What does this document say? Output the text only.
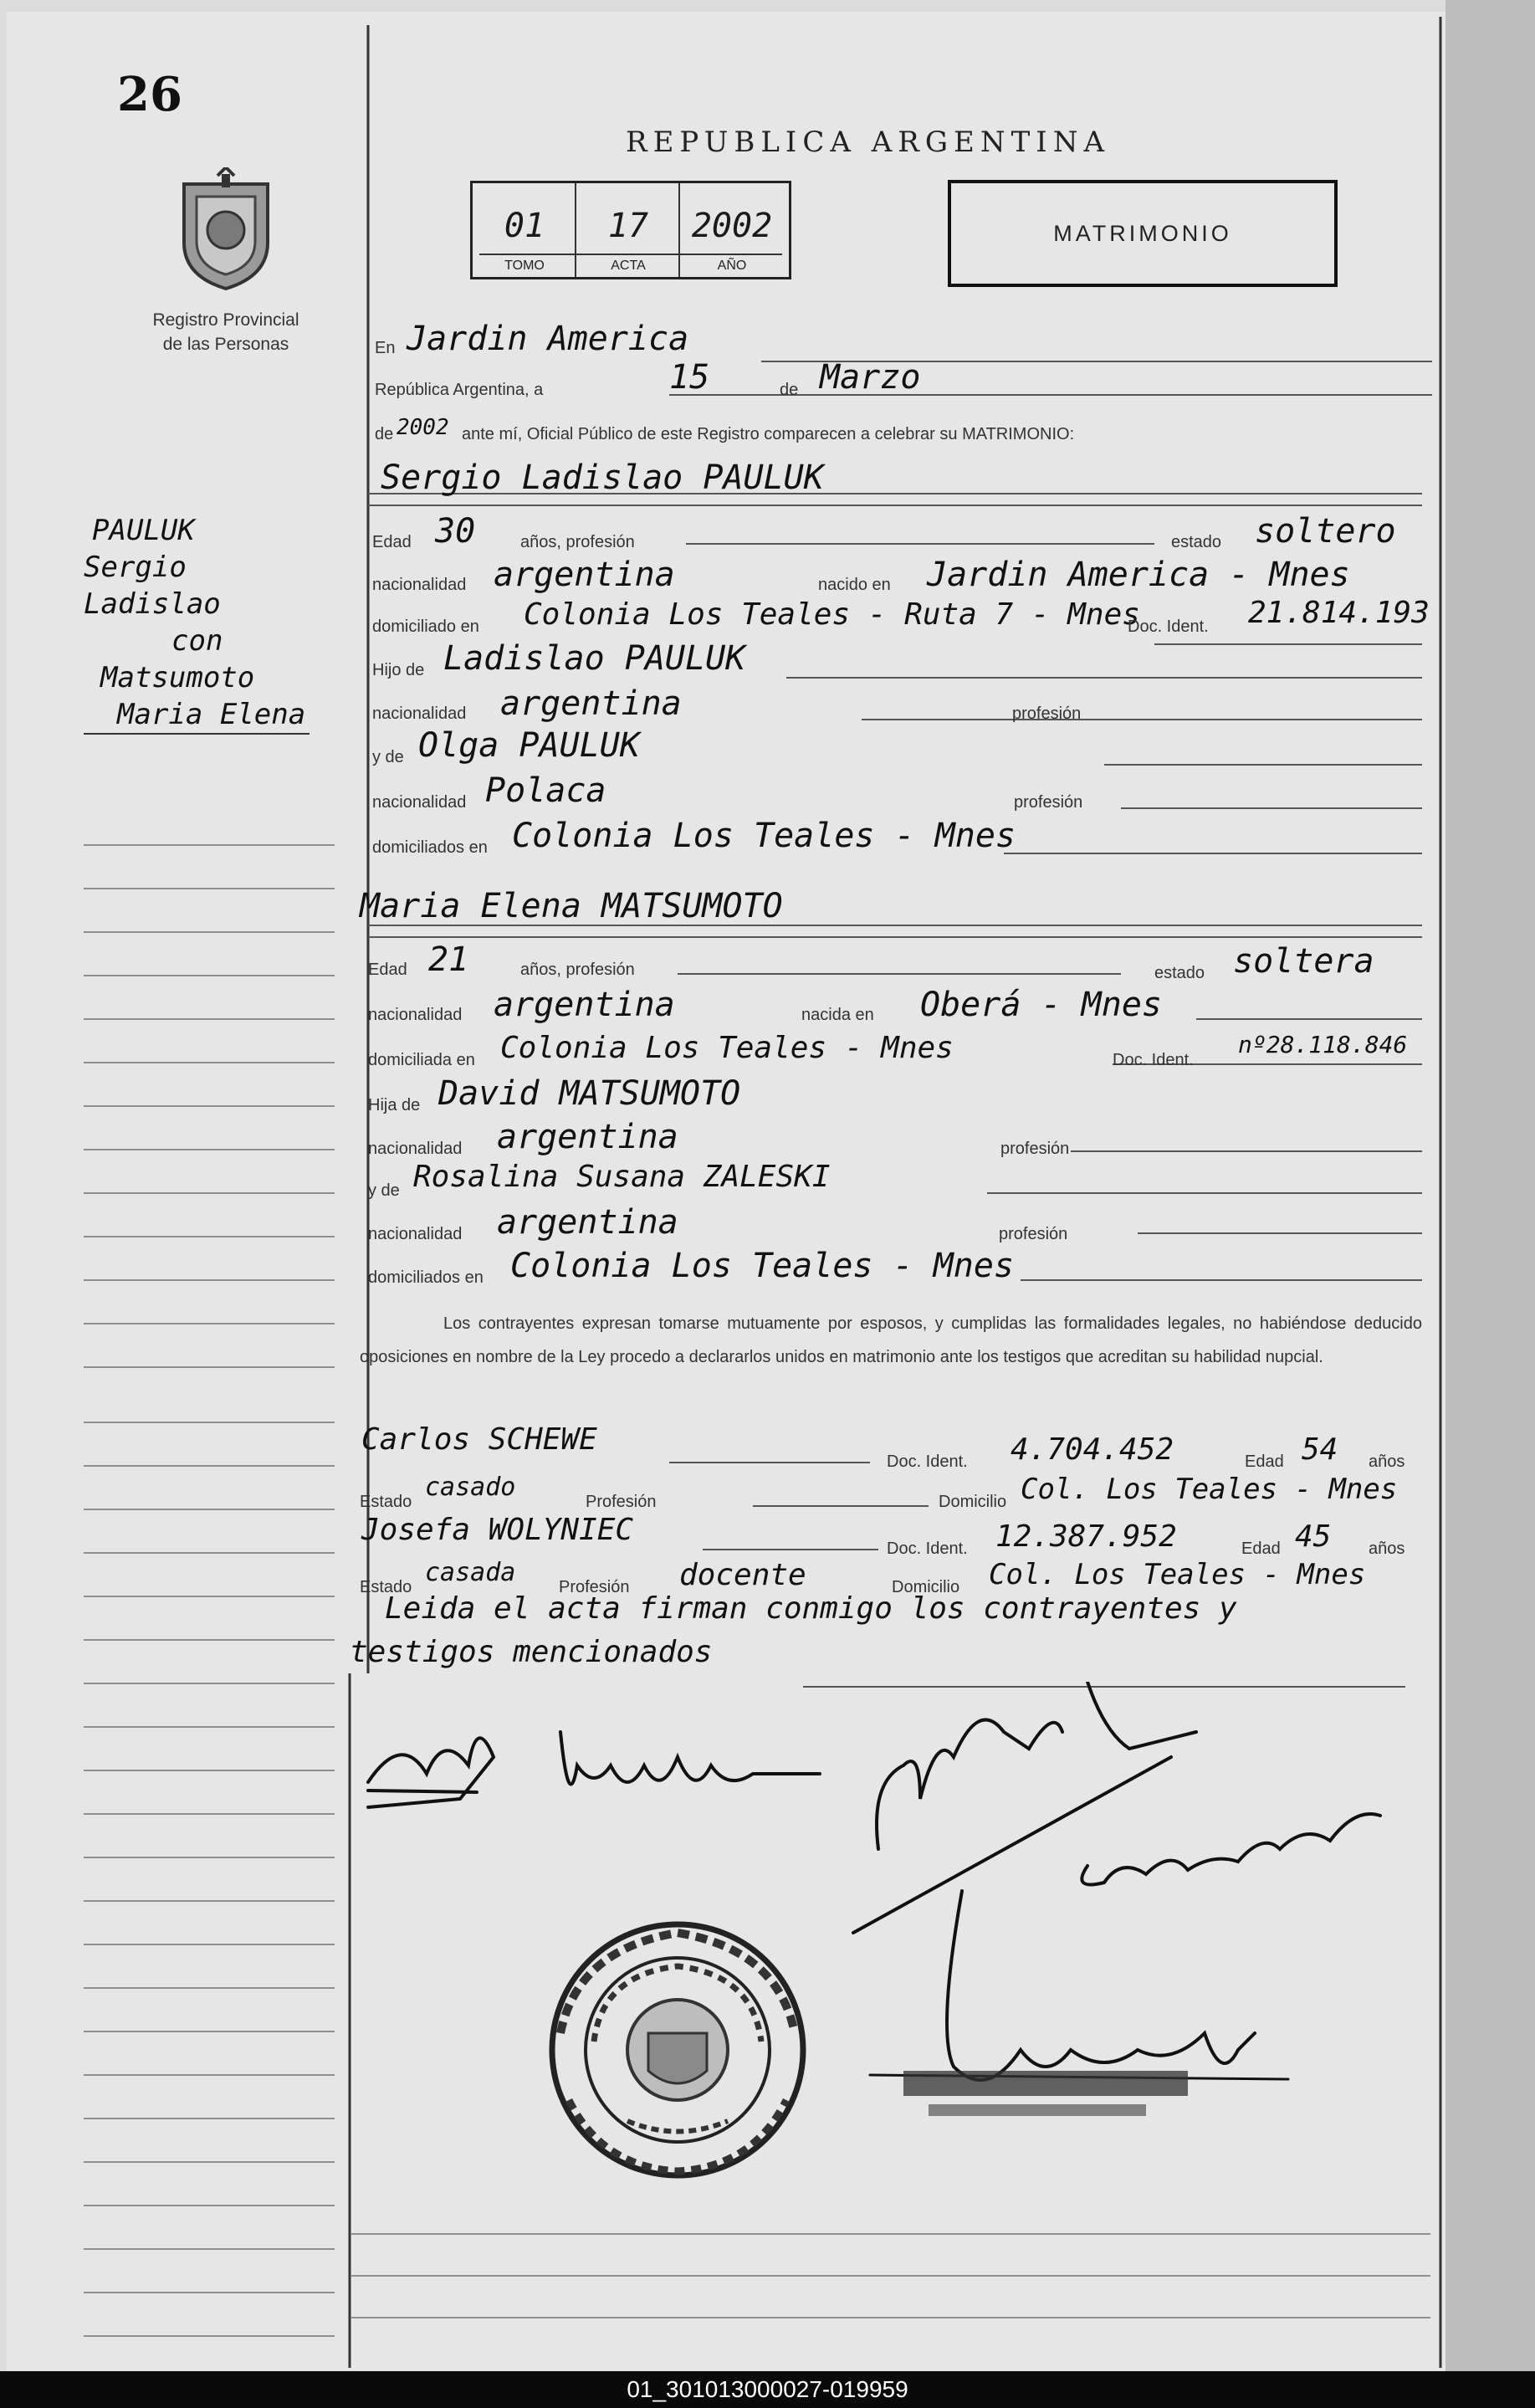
26
Registro Provincial
de las Personas
REPUBLICA ARGENTINA
01	17	2002
TOMO	ACTA	AÑO
MATRIMONIO
PAULUK
Sergio Ladislao
con
Matsumoto
Maria Elena
En Jardin America
República Argentina, a	15	de Marzo
de 2002 ante mí, Oficial Público de este Registro comparecen a celebrar su MATRIMONIO:
Sergio Ladislao PAULUK
Edad 30	años, profesión	estado soltero
nacionalidad argentina	nacido en Jardin America - Mnes
domiciliado en Colonia Los Teales - Ruta 7 - Mnes
Doc. Ident. 21.814.193
Hijo de Ladislao PAULUK
nacionalidad argentina	profesión
y de Olga PAULUK
nacionalidad Polaca	profesión
domiciliados en Colonia Los Teales - Mnes
Maria Elena MATSUMOTO
Edad 21	años, profesión	estado soltera
nacionalidad argentina	nacida en Oberá - Mnes
domiciliada en Colonia Los Teales - Mnes	Doc. Ident.
nº28.118.846
Hija de David MATSUMOTO
nacionalidad argentina	profesión
y de Rosalina Susana ZALESKI
nacionalidad argentina	profesión
domiciliados en Colonia Los Teales - Mnes
Los contrayentes expresan tomarse mutuamente por esposos, y cumplidas las formalidades legales, no habiéndose deducido oposiciones en nombre de la Ley procedo a declararlos unidos en matrimonio ante los testigos que acreditan su habilidad nupcial.
Carlos SCHEWE
Doc. Ident. 4.704.452	Edad 54 años
Estado casado	Profesión	Domicilio Col. Los Teales - Mnes
Josefa WOLYNIEC
Doc. Ident. 12.387.952	Edad 45 años
Estado casada	Profesión docente	Domicilio Col. Los Teales - Mnes
Leida el acta firman conmigo los contrayentes y
testigos mencionados
01_301013000027-019959
